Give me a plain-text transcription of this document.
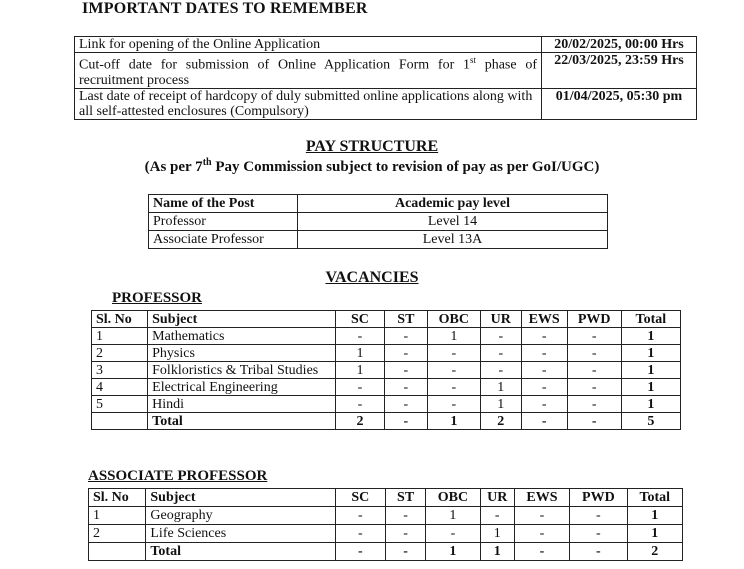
IMPORTANT DATES TO REMEMBER
Link for opening of the Online Application	20/02/2025, 00:00 Hrs
Cut-off date for submission of Online Application Form for 1st phase of recruitment process	22/03/2025, 23:59 Hrs
Last date of receipt of hardcopy of duly submitted online applications along with all self-attested enclosures (Compulsory)	01/04/2025, 05:30 pm
PAY STRUCTURE
(As per 7th Pay Commission subject to revision of pay as per GoI/UGC)
Name of the Post	Academic pay level
Professor	Level 14
Associate Professor	Level 13A
VACANCIES
PROFESSOR
Sl. No	Subject	SC	ST	OBC	UR	EWS	PWD	Total
1	Mathematics	-	-	1	-	-	-	1
2	Physics	1	-	-	-	-	-	1
3	Folkloristics & Tribal Studies	1	-	-	-	-	-	1
4	Electrical Engineering	-	-	-	1	-	-	1
5	Hindi	-	-	-	1	-	-	1
	Total	2	-	1	2	-	-	5
ASSOCIATE PROFESSOR
Sl. No	Subject	SC	ST	OBC	UR	EWS	PWD	Total
1	Geography	-	-	1	-	-	-	1
2	Life Sciences	-	-	-	1	-	-	1
	Total	-	-	1	1	-	-	2
